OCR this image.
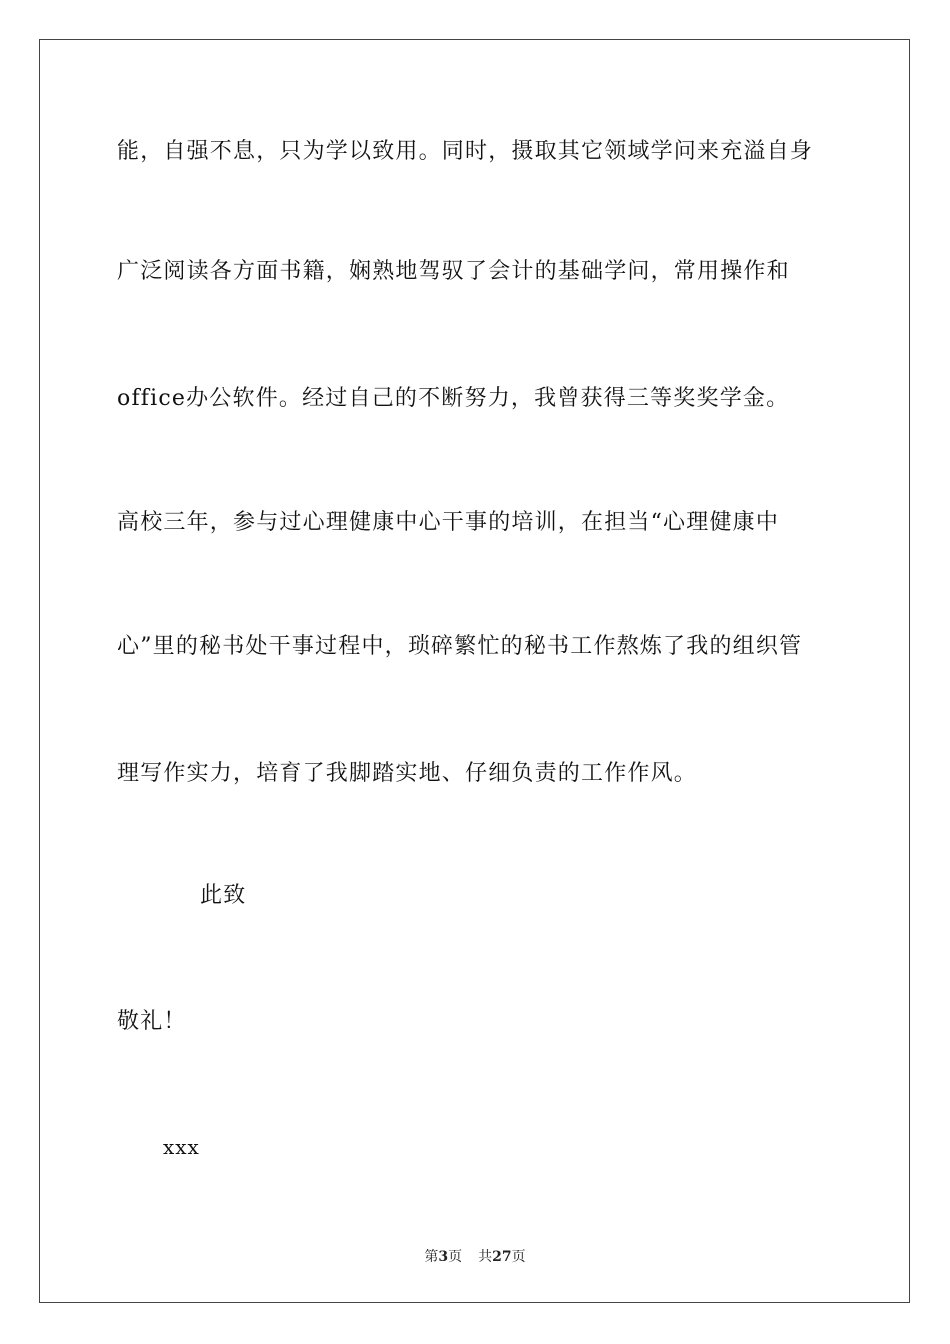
能，自强不息，只为学以致用。同时，摄取其它领域学问来充溢自身
广泛阅读各方面书籍，娴熟地驾驭了会计的基础学问，常用操作和
office办公软件。经过自己的不断努力，我曾获得三等奖奖学金。
高校三年，参与过心理健康中心干事的培训，在担当“心理健康中
心”里的秘书处干事过程中，琐碎繁忙的秘书工作熬炼了我的组织管
理写作实力，培育了我脚踏实地、仔细负责的工作作风。
此致
敬礼！
xxx
第3页 共27页
